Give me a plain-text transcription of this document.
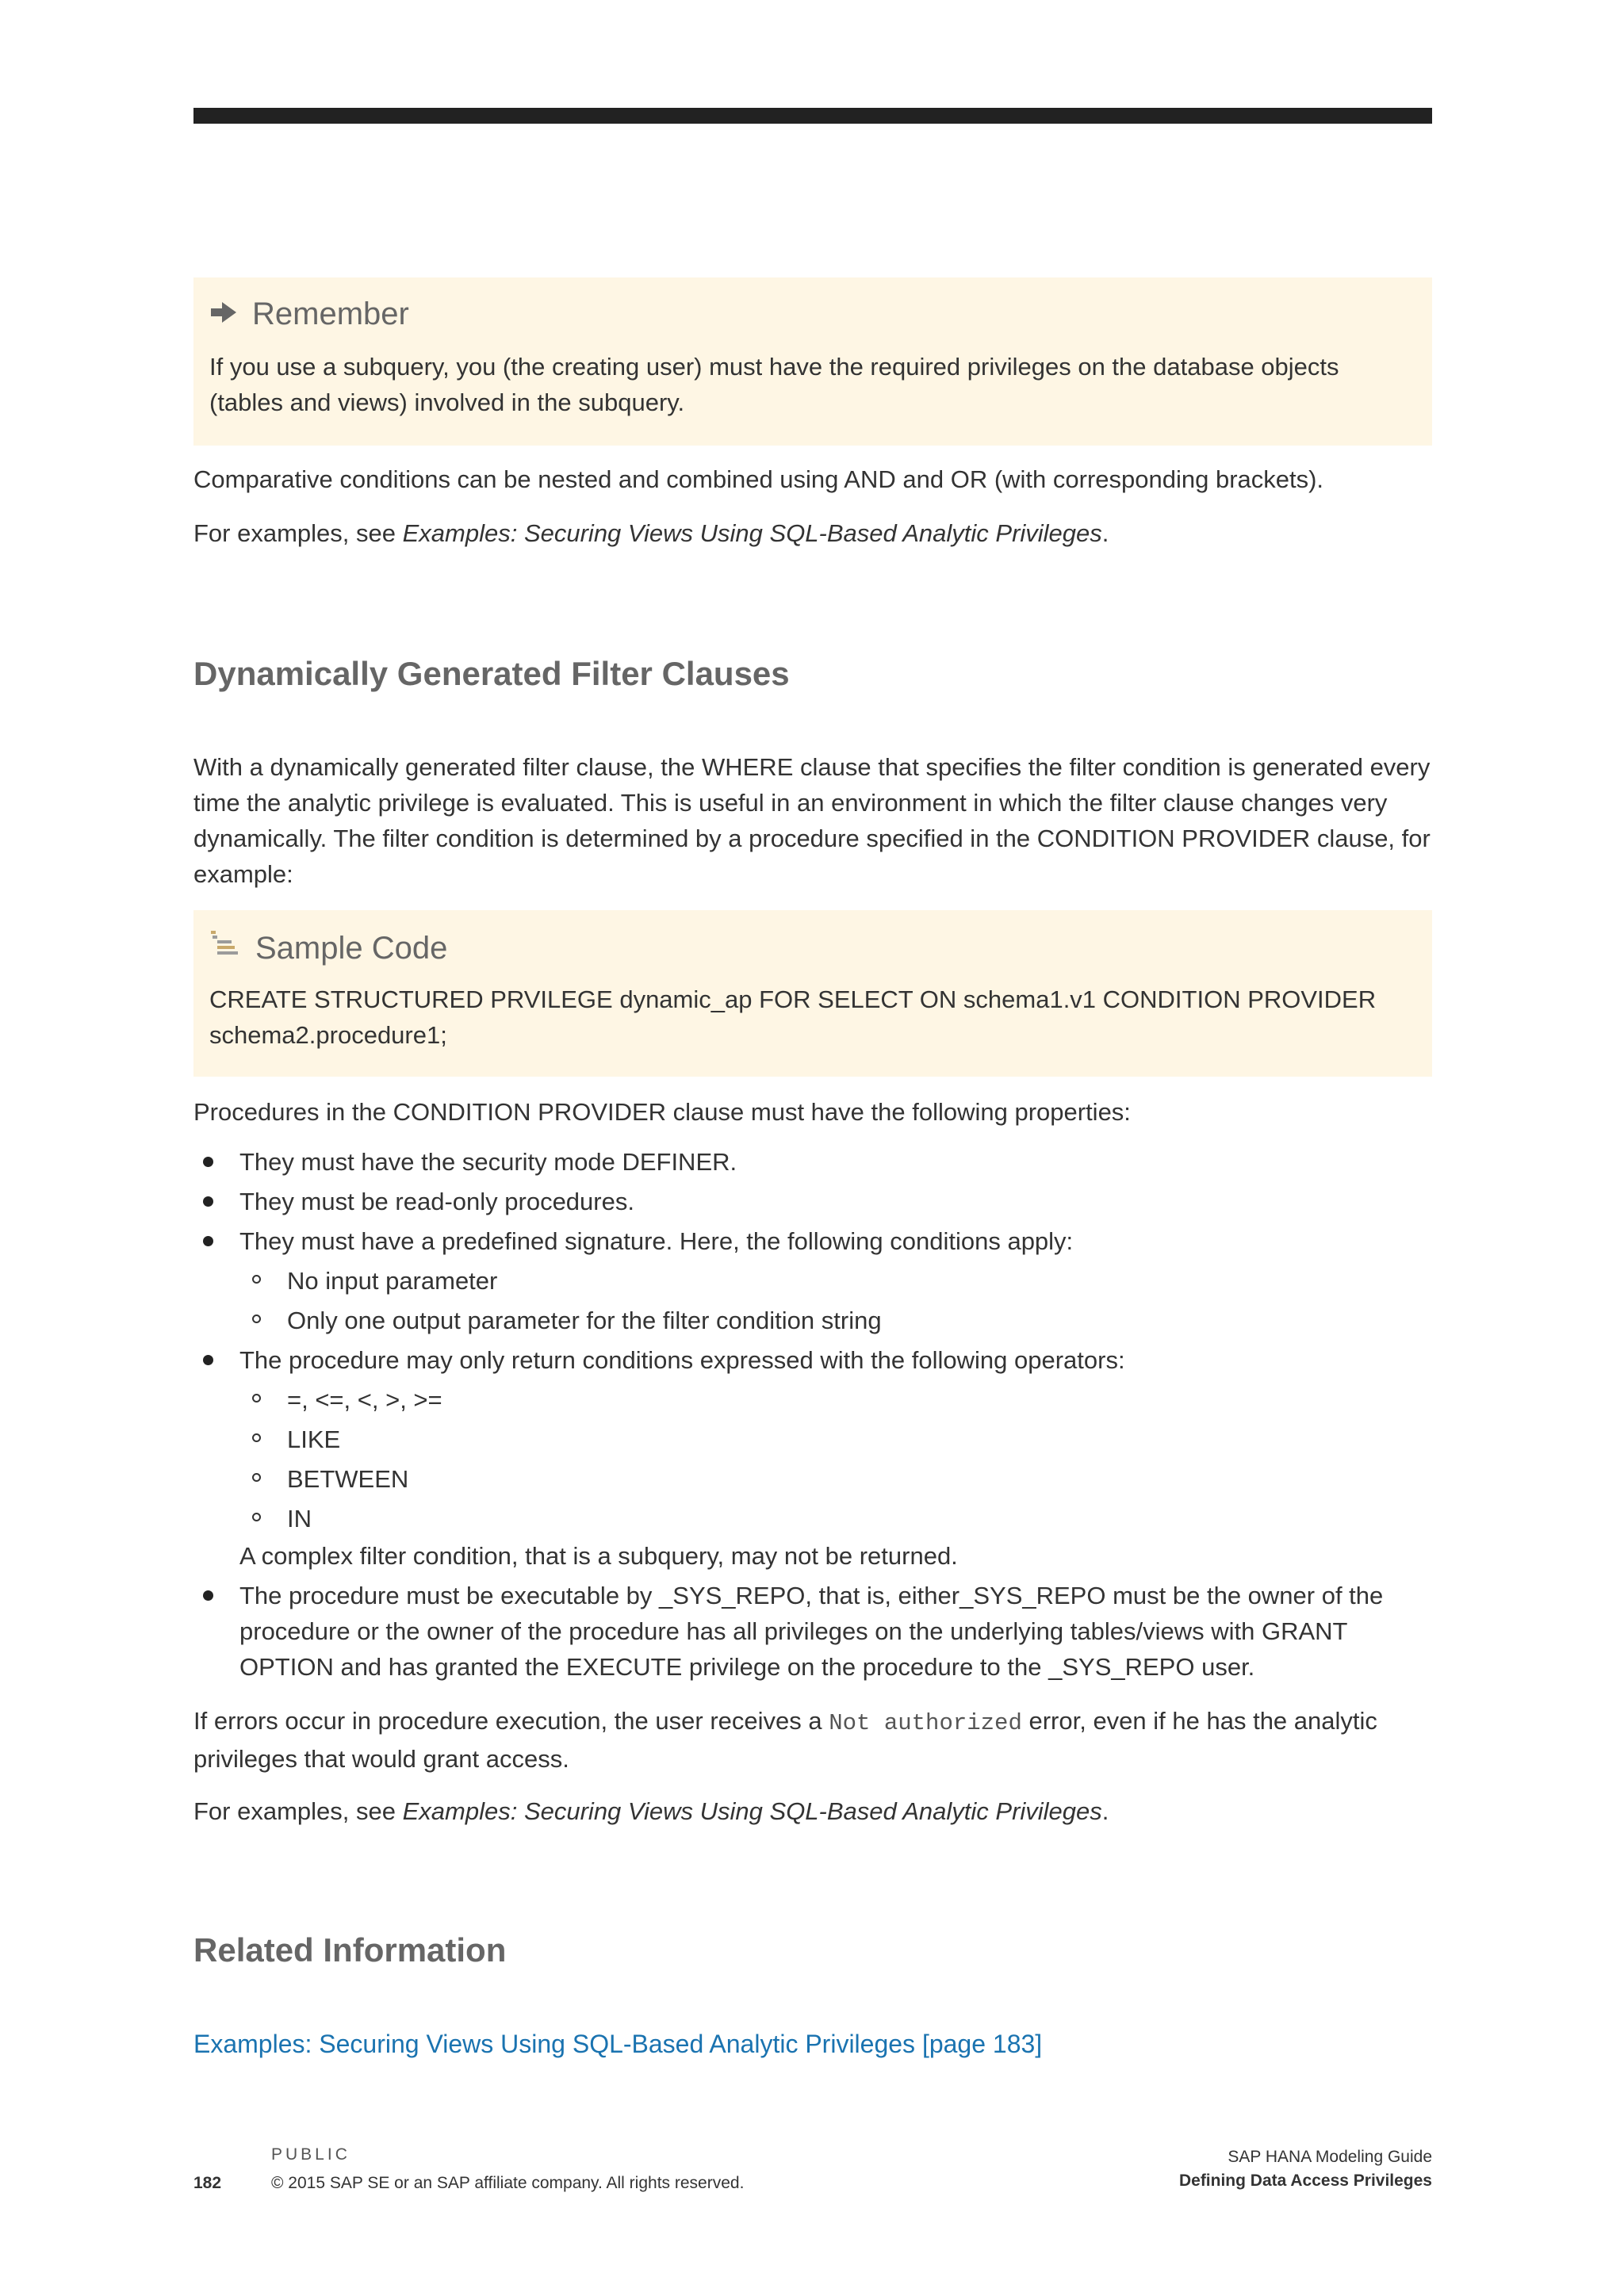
Remember
If you use a subquery, you (the creating user) must have the required privileges on the database objects (tables and views) involved in the subquery.
Comparative conditions can be nested and combined using AND and OR (with corresponding brackets).
For examples, see Examples: Securing Views Using SQL-Based Analytic Privileges.
Dynamically Generated Filter Clauses
With a dynamically generated filter clause, the WHERE clause that specifies the filter condition is generated every time the analytic privilege is evaluated. This is useful in an environment in which the filter clause changes very dynamically. The filter condition is determined by a procedure specified in the CONDITION PROVIDER clause, for example:
Sample Code
CREATE STRUCTURED PRVILEGE dynamic_ap FOR SELECT ON schema1.v1 CONDITION PROVIDER schema2.procedure1;
Procedures in the CONDITION PROVIDER clause must have the following properties:
They must have the security mode DEFINER.
They must be read-only procedures.
They must have a predefined signature. Here, the following conditions apply:
No input parameter
Only one output parameter for the filter condition string
The procedure may only return conditions expressed with the following operators:
=, <=, <, >, >=
LIKE
BETWEEN
IN
A complex filter condition, that is a subquery, may not be returned.
The procedure must be executable by _SYS_REPO, that is, either_SYS_REPO must be the owner of the procedure or the owner of the procedure has all privileges on the underlying tables/views with GRANT OPTION and has granted the EXECUTE privilege on the procedure to the _SYS_REPO user.
If errors occur in procedure execution, the user receives a Not authorized error, even if he has the analytic privileges that would grant access.
For examples, see Examples: Securing Views Using SQL-Based Analytic Privileges.
Related Information
Examples: Securing Views Using SQL-Based Analytic Privileges [page 183]
182
PUBLIC
© 2015 SAP SE or an SAP affiliate company. All rights reserved.
SAP HANA Modeling Guide
Defining Data Access Privileges
